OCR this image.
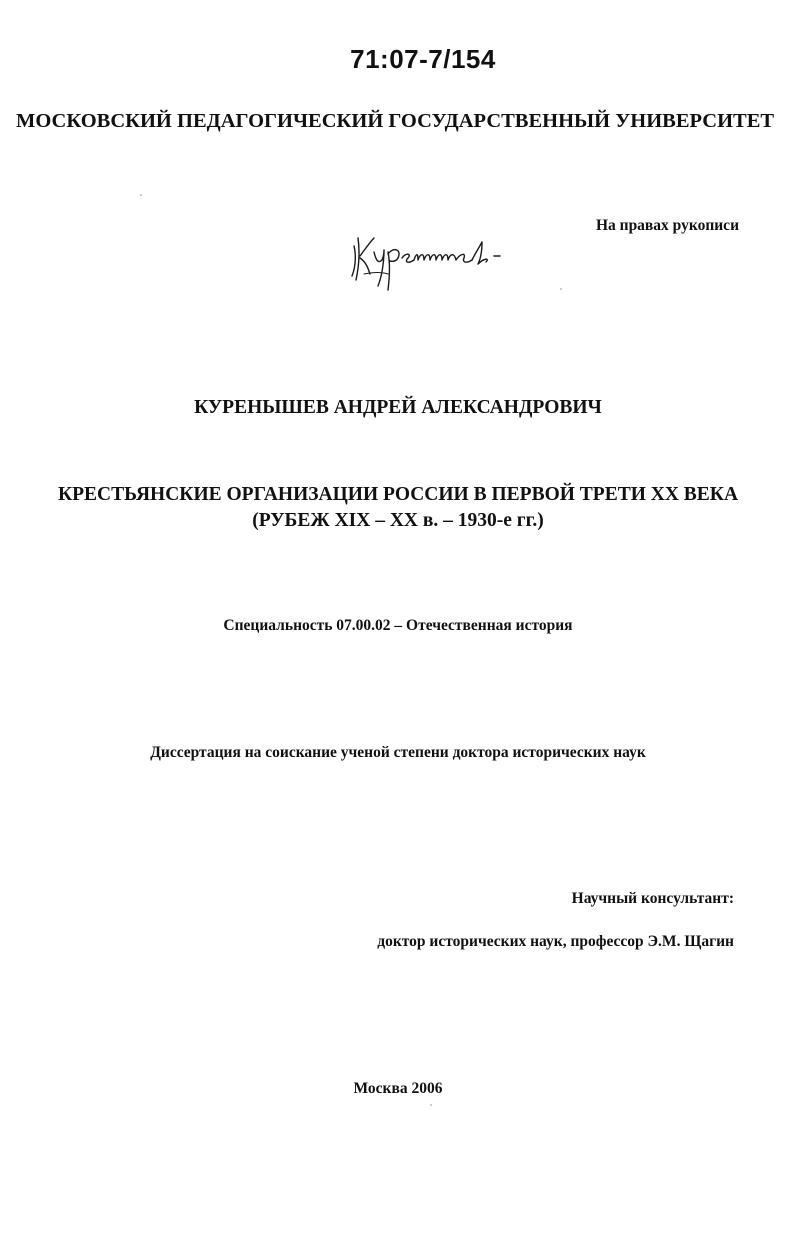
71:07-7/154

МОСКОВСКИЙ ПЕДАГОГИЧЕСКИЙ ГОСУДАРСТВЕННЫЙ УНИВЕРСИТЕТ

На правах рукописи

КУРЕНЫШЕВ АНДРЕЙ АЛЕКСАНДРОВИЧ

КРЕСТЬЯНСКИЕ ОРГАНИЗАЦИИ РОССИИ В ПЕРВОЙ ТРЕТИ XX ВЕКА

(РУБЕЖ XIX – XX в. – 1930-е гг.)

Специальность 07.00.02 – Отечественная история

Диссертация на соискание ученой степени доктора исторических наук

Научный консультант:

доктор исторических наук, профессор Э.М. Щагин

Москва 2006
